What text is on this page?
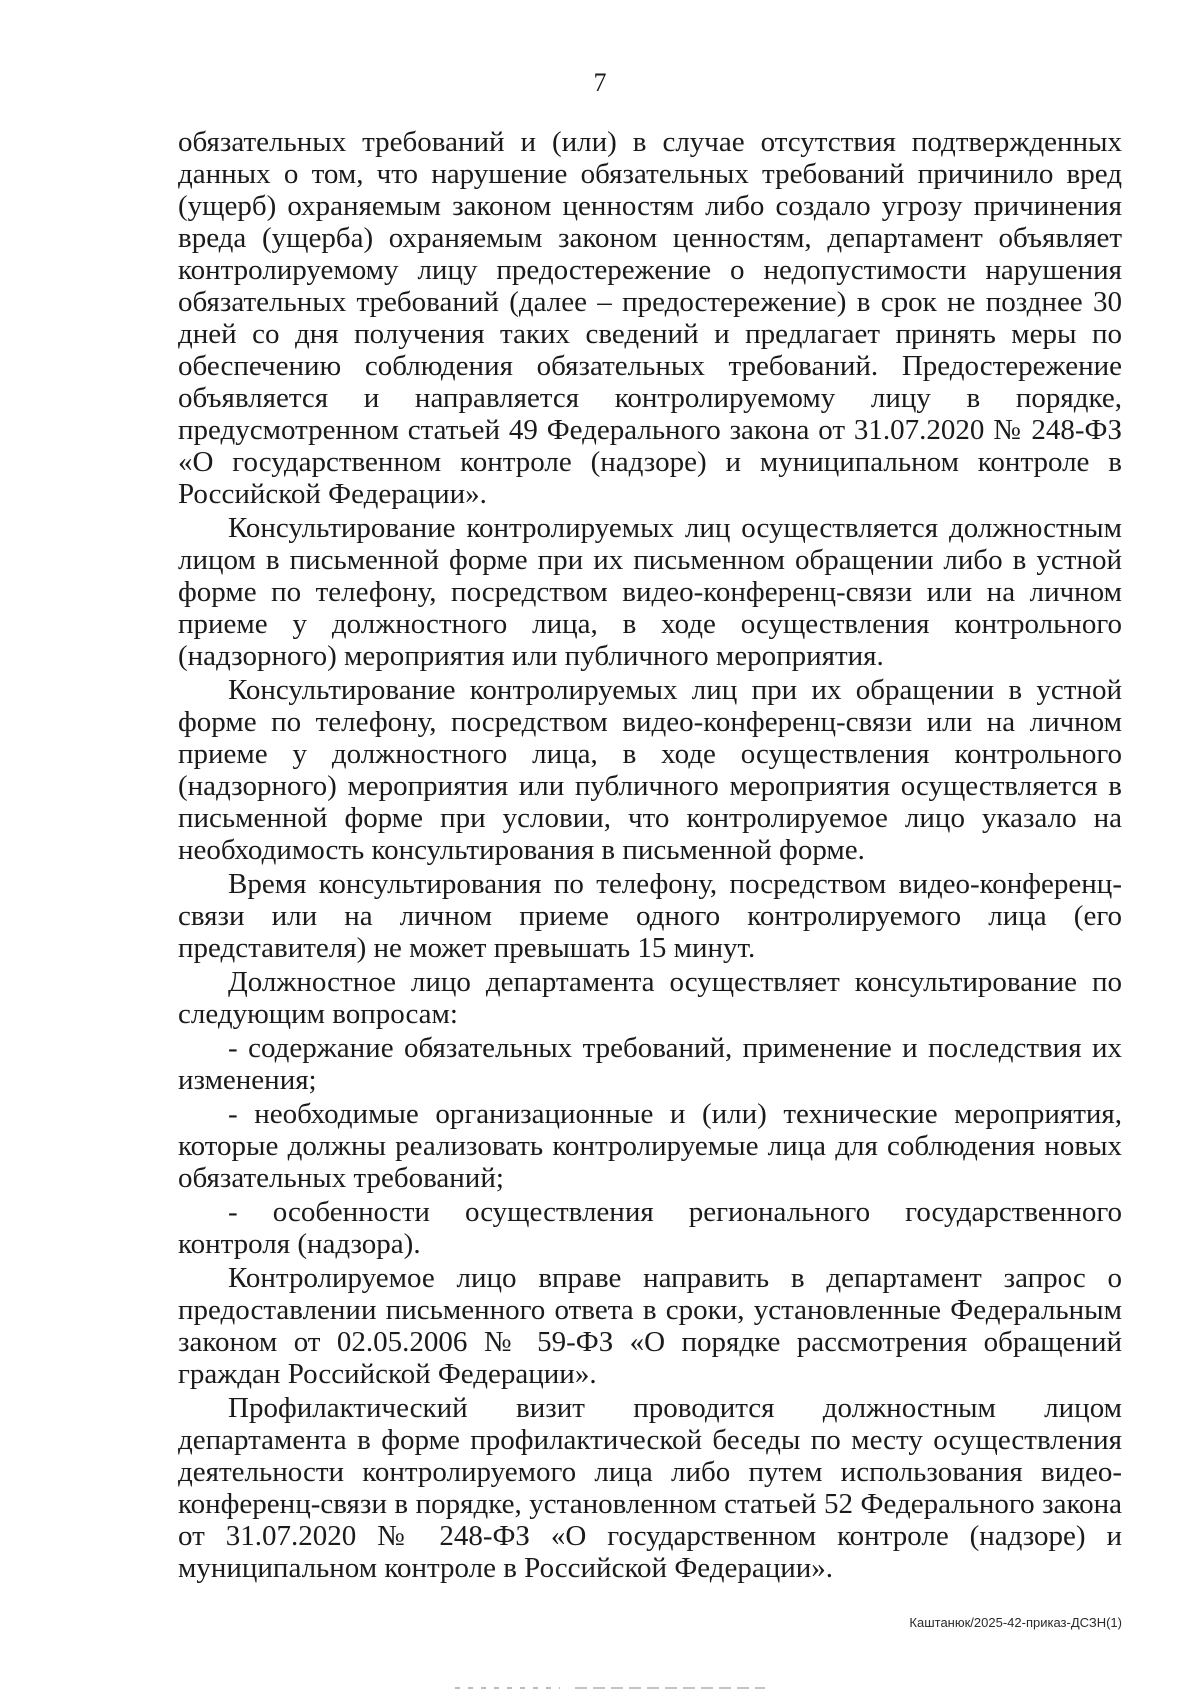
7

обязательных требований и (или) в случае отсутствия подтвержденных данных о том, что нарушение обязательных требований причинило вред (ущерб) охраняемым законом ценностям либо создало угрозу причинения вреда (ущерба) охраняемым законом ценностям, департамент объявляет контролируемому лицу предостережение о недопустимости нарушения обязательных требований (далее – предостережение) в срок не позднее 30 дней со дня получения таких сведений и предлагает принять меры по обеспечению соблюдения обязательных требований. Предостережение объявляется и направляется контролируемому лицу в порядке, предусмотренном статьей 49 Федерального закона от 31.07.2020 № 248-ФЗ «О государственном контроле (надзоре) и муниципальном контроле в Российской Федерации».

Консультирование контролируемых лиц осуществляется должностным лицом в письменной форме при их письменном обращении либо в устной форме по телефону, посредством видео-конференц-связи или на личном приеме у должностного лица, в ходе осуществления контрольного (надзорного) мероприятия или публичного мероприятия.

Консультирование контролируемых лиц при их обращении в устной форме по телефону, посредством видео-конференц-связи или на личном приеме у должностного лица, в ходе осуществления контрольного (надзорного) мероприятия или публичного мероприятия осуществляется в письменной форме при условии, что контролируемое лицо указало на необходимость консультирования в письменной форме.

Время консультирования по телефону, посредством видео-конференц-связи или на личном приеме одного контролируемого лица (его представителя) не может превышать 15 минут.

Должностное лицо департамента осуществляет консультирование по следующим вопросам:

- содержание обязательных требований, применение и последствия их изменения;

- необходимые организационные и (или) технические мероприятия, которые должны реализовать контролируемые лица для соблюдения новых обязательных требований;

- особенности осуществления регионального государственного контроля (надзора).

Контролируемое лицо вправе направить в департамент запрос о предоставлении письменного ответа в сроки, установленные Федеральным законом от 02.05.2006 № 59-ФЗ «О порядке рассмотрения обращений граждан Российской Федерации».

Профилактический визит проводится должностным лицом департамента в форме профилактической беседы по месту осуществления деятельности контролируемого лица либо путем использования видео-конференц-связи в порядке, установленном статьей 52 Федерального закона от 31.07.2020 № 248-ФЗ «О государственном контроле (надзоре) и муниципальном контроле в Российской Федерации».

Каштанюк/2025-42-приказ-ДСЗН(1)
